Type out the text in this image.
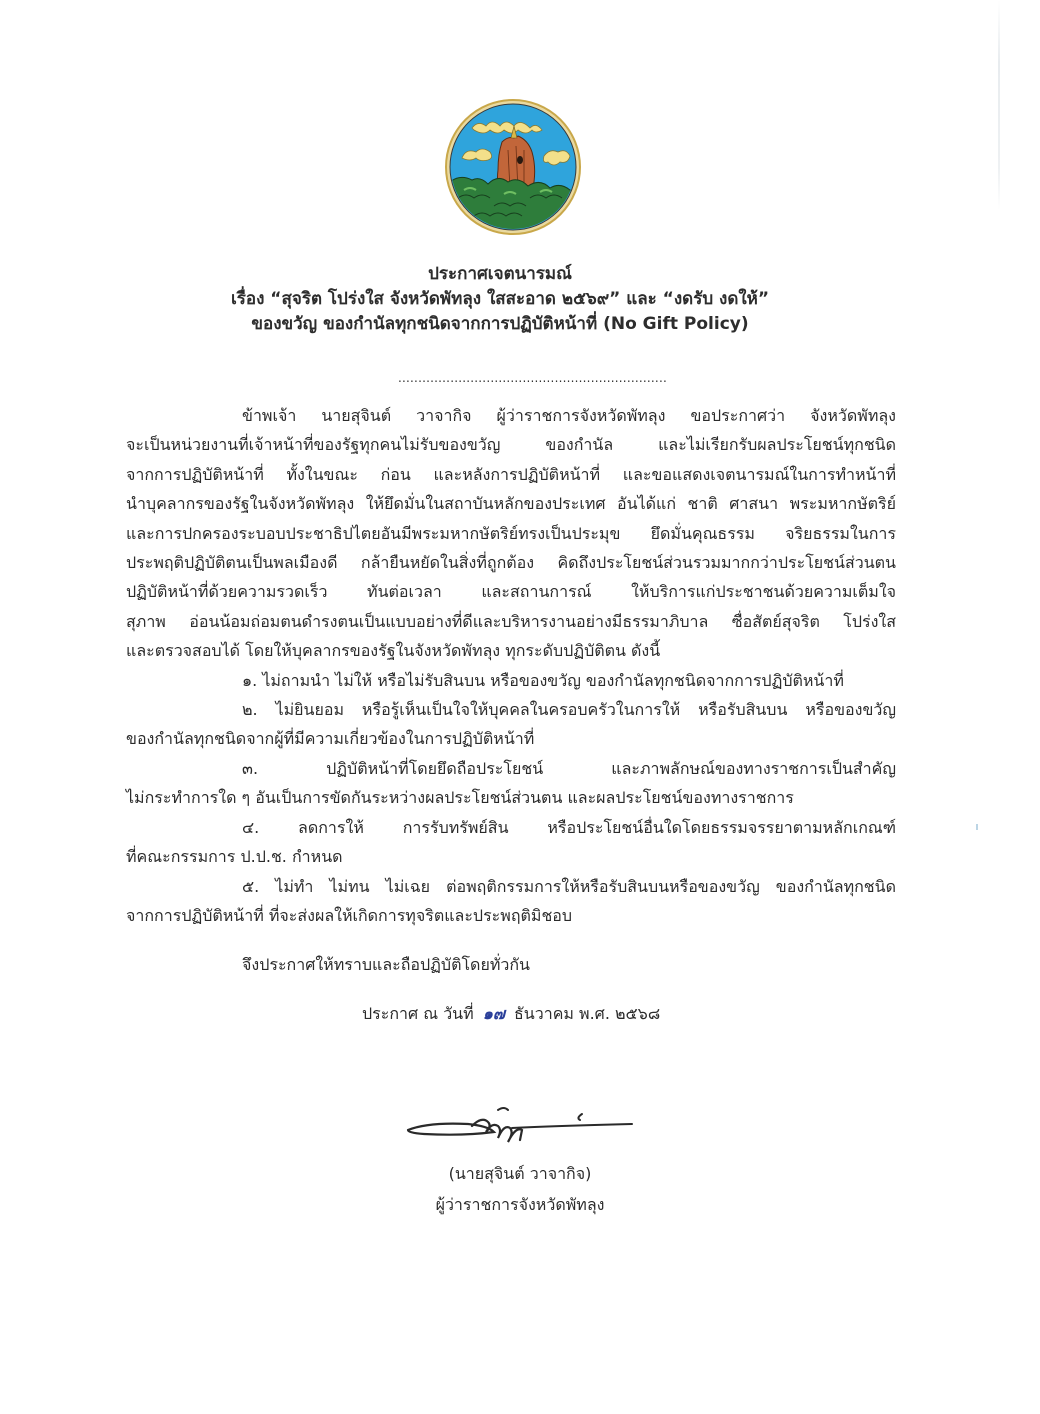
ประกาศเจตนารมณ์
เรื่อง “สุจริต โปร่งใส จังหวัดพัทลุง ใสสะอาด ๒๕๖๙” และ “งดรับ งดให้”
ของขวัญ ของกำนัลทุกชนิดจากการปฏิบัติหน้าที่ (No Gift Policy)
...................................................................
ข้าพเจ้า นายสุจินต์ วาจากิจ ผู้ว่าราชการจังหวัดพัทลุง ขอประกาศว่า จังหวัดพัทลุง
จะเป็นหน่วยงานที่เจ้าหน้าที่ของรัฐทุกคนไม่รับของขวัญ ของกำนัล และไม่เรียกรับผลประโยชน์ทุกชนิด
จากการปฏิบัติหน้าที่ ทั้งในขณะ ก่อน และหลังการปฏิบัติหน้าที่ และขอแสดงเจตนารมณ์ในการทำหน้าที่
นำบุคลากรของรัฐในจังหวัดพัทลุง ให้ยึดมั่นในสถาบันหลักของประเทศ อันได้แก่ ชาติ ศาสนา พระมหากษัตริย์
และการปกครองระบอบประชาธิปไตยอันมีพระมหากษัตริย์ทรงเป็นประมุข ยึดมั่นคุณธรรม จริยธรรมในการ
ประพฤติปฏิบัติตนเป็นพลเมืองดี กล้ายืนหยัดในสิ่งที่ถูกต้อง คิดถึงประโยชน์ส่วนรวมมากกว่าประโยชน์ส่วนตน
ปฏิบัติหน้าที่ด้วยความรวดเร็ว ทันต่อเวลา และสถานการณ์ ให้บริการแก่ประชาชนด้วยความเต็มใจ
สุภาพ อ่อนน้อมถ่อมตนดำรงตนเป็นแบบอย่างที่ดีและบริหารงานอย่างมีธรรมาภิบาล ซื่อสัตย์สุจริต โปร่งใส
และตรวจสอบได้ โดยให้บุคลากรของรัฐในจังหวัดพัทลุง ทุกระดับปฏิบัติตน ดังนี้
๑. ไม่ถามนำ ไม่ให้ หรือไม่รับสินบน หรือของขวัญ ของกำนัลทุกชนิดจากการปฏิบัติหน้าที่
๒. ไม่ยินยอม หรือรู้เห็นเป็นใจให้บุคคลในครอบครัวในการให้ หรือรับสินบน หรือของขวัญ
ของกำนัลทุกชนิดจากผู้ที่มีความเกี่ยวข้องในการปฏิบัติหน้าที่
๓. ปฏิบัติหน้าที่โดยยึดถือประโยชน์ และภาพลักษณ์ของทางราชการเป็นสำคัญ
ไม่กระทำการใด ๆ อันเป็นการขัดกันระหว่างผลประโยชน์ส่วนตน และผลประโยชน์ของทางราชการ
๔. ลดการให้ การรับทรัพย์สิน หรือประโยชน์อื่นใดโดยธรรมจรรยาตามหลักเกณฑ์
ที่คณะกรรมการ ป.ป.ช. กำหนด
๕. ไม่ทำ ไม่ทน ไม่เฉย ต่อพฤติกรรมการให้หรือรับสินบนหรือของขวัญ ของกำนัลทุกชนิด
จากการปฏิบัติหน้าที่ ที่จะส่งผลให้เกิดการทุจริตและประพฤติมิชอบ
จึงประกาศให้ทราบและถือปฏิบัติโดยทั่วกัน
ประกาศ ณ วันที่ ๑๗ ธันวาคม พ.ศ. ๒๕๖๘
(นายสุจินต์ วาจากิจ)
ผู้ว่าราชการจังหวัดพัทลุง
